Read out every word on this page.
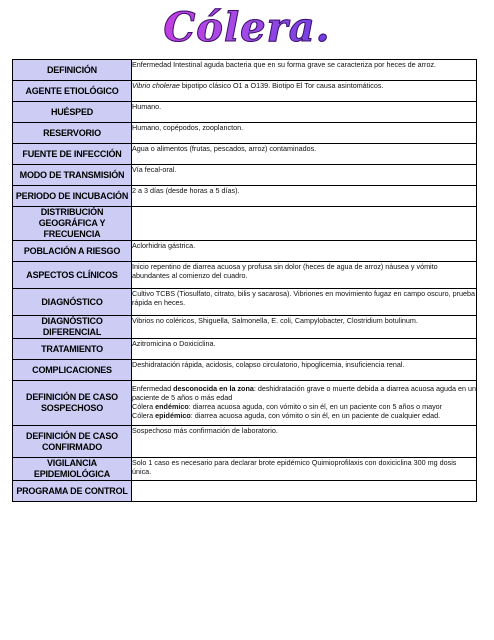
Cólera.
DEFINICIÓN	Enfermedad Intestinal aguda bacteria que en su forma grave se caracteriza por heces de arroz.
AGENTE ETIOLÓGICO	Vibrio cholerae bipotipo clásico O1 a O139. Biotipo El Tor causa asintomáticos.
HUÉSPED	Humano.
RESERVORIO	Humano, copépodos, zooplancton.
FUENTE DE INFECCIÓN	Agua o alimentos (frutas, pescados, arroz) contaminados.
MODO DE TRANSMISIÓN	Vía fecal-oral.
PERIODO DE INCUBACIÓN	2 a 3 días (desde horas a 5 días).
DISTRIBUCIÓN GEOGRÁFICA Y FRECUENCIA	
POBLACIÓN A RIESGO	Aclorhidria gástrica.
ASPECTOS CLÍNICOS	Inicio repentino de diarrea acuosa y profusa sin dolor (heces de agua de arroz) náusea y vómito abundantes al comienzo del cuadro.
DIAGNÓSTICO	Cultivo TCBS (Tiosulfato, citrato, bilis y sacarosa). Vibriones en movimiento fugaz en campo oscuro, prueba rápida en heces.
DIAGNÓSTICO DIFERENCIAL	Vibrios no coléricos, Shiguella, Salmonella, E. coli, Campylobacter, Clostridium botulinum.
TRATAMIENTO	Azitromicina o Doxiciclina.
COMPLICACIONES	Deshidratación rápida, acidosis, colapso circulatorio, hipoglicemia, insuficiencia renal.
DEFINICIÓN DE CASO SOSPECHOSO	Enfermedad desconocida en la zona: deshidratación grave o muerte debida a diarrea acuosa aguda en un paciente de 5 años o más edad
Cólera endémico: diarrea acuosa aguda, con vómito o sin él, en un paciente con 5 años o mayor
Cólera epidémico: diarrea acuosa aguda, con vómito o sin él, en un paciente de cualquier edad.

DEFINICIÓN DE CASO CONFIRMADO	Sospechoso más confirmación de laboratorio.
VIGILANCIA EPIDEMIOLÓGICA	Solo 1 caso es necesario para declarar brote epidémico Quimioprofilaxis con doxiciclina 300 mg dosis única.
PROGRAMA DE CONTROL	
